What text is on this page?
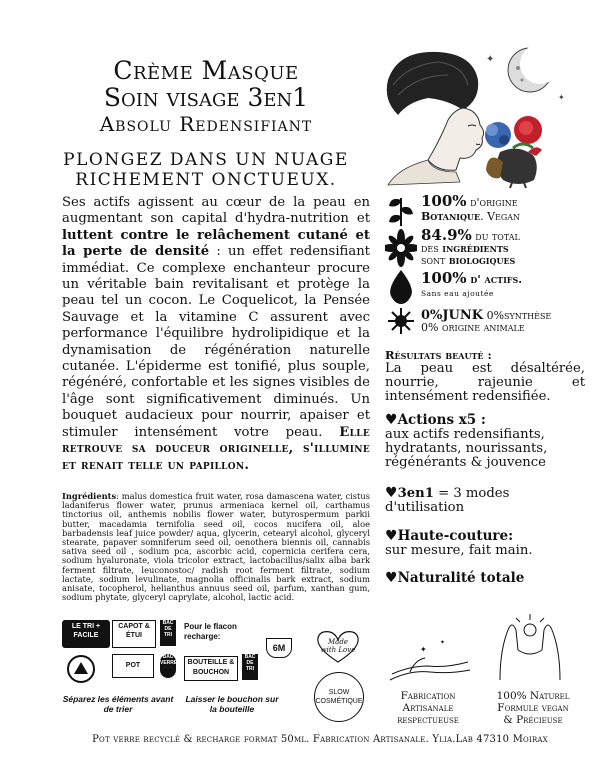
Crème Masque
Soin visage 3en1
Absolu Redensifiant
PLONGEZ DANS UN NUAGE RICHEMENT ONCTUEUX.
✦
✦
Ses actifs agissent au cœur de la peau en augmentant son capital d'hydra-nutrition et luttent contre le relâchement cutané et la perte de densité : un effet redensifiant immédiat. Ce complexe enchanteur procure un véritable bain revitalisant et protège la peau tel un cocon. Le Coquelicot, la Pensée Sauvage et la vitamine C assurent avec performance l'équilibre hydrolipidique et la dynamisation de régénération naturelle cutanée. L'épiderme est tonifié, plus souple, régénéré, confortable et les signes visibles de l'âge sont significativement diminués. Un bouquet audacieux pour nourrir, apaiser et stimuler intensément votre peau. Elle retrouve sa douceur originelle, s'illumine et renait telle un papillon.
Ingrédients: malus domestica fruit water, rosa damascena water, cistus ladaniferus flower water, prunus armeniaca kernel oil, carthamus tinctorius oil, anthemis nobilis flower water, butyrospermum parkii butter, macadamia ternifolia seed oil, cocos nucifera oil, aloe barbadensis leaf juice powder/ aqua, glycerin, cetearyl alcohol, glyceryl stearate, papaver somniferum seed oil, oenothera biennis oil, cannabis sativa seed oil , sodium pca, ascorbic acid, copernicia cerifera cera, sodium hyaluronate, viola tricolor extract, lactobacillus/salix alba bark ferment filtrate, leuconostoc/ radish root ferment filtrate, sodium lactate, sodium levulinate, magnolia officinalis bark extract, sodium anisate, tocopherol, helianthus annuus seed oil, parfum, xanthan gum, sodium phytate, glyceryl caprylate, alcohol, lactic acid.
100% d'origine
Botanique. Vegan
84.9% du total
des ingrédients
sont biologiques
100% d' actifs.
Sans eau ajoutée
0%JUNK 0%synthèse
0% origine animale
Résultats beauté :
La peau est désaltérée, nourrie, rajeunie et intensément redensifiée.
♥Actions x5 :
aux actifs redensifiants, hydratants, nourissants, régénérants & jouvence
♥3en1 = 3 modes d'utilisation
♥Haute-couture:
sur mesure, fait main.
♥Naturalité totale
LE TRI + FACILE
CAPOT & ÉTUI
BAC DE TRI
POT
BAC VERRE
Pour le flacon recharge:
BOUTEILLE & BOUCHON
BAC DE TRI
Séparez les éléments avant de trier
Laisser le bouchon sur la bouteille
6M
Made with Love
SLOW COSMÉTIQUE
✦
✦
Fabrication Artisanale
respectueuse
100% Naturel
Formule vegan
& Précieuse
Pot verre recyclé & recharge format 50ml. Fabrication Artisanale. Ylia.Lab 47310 Moirax
